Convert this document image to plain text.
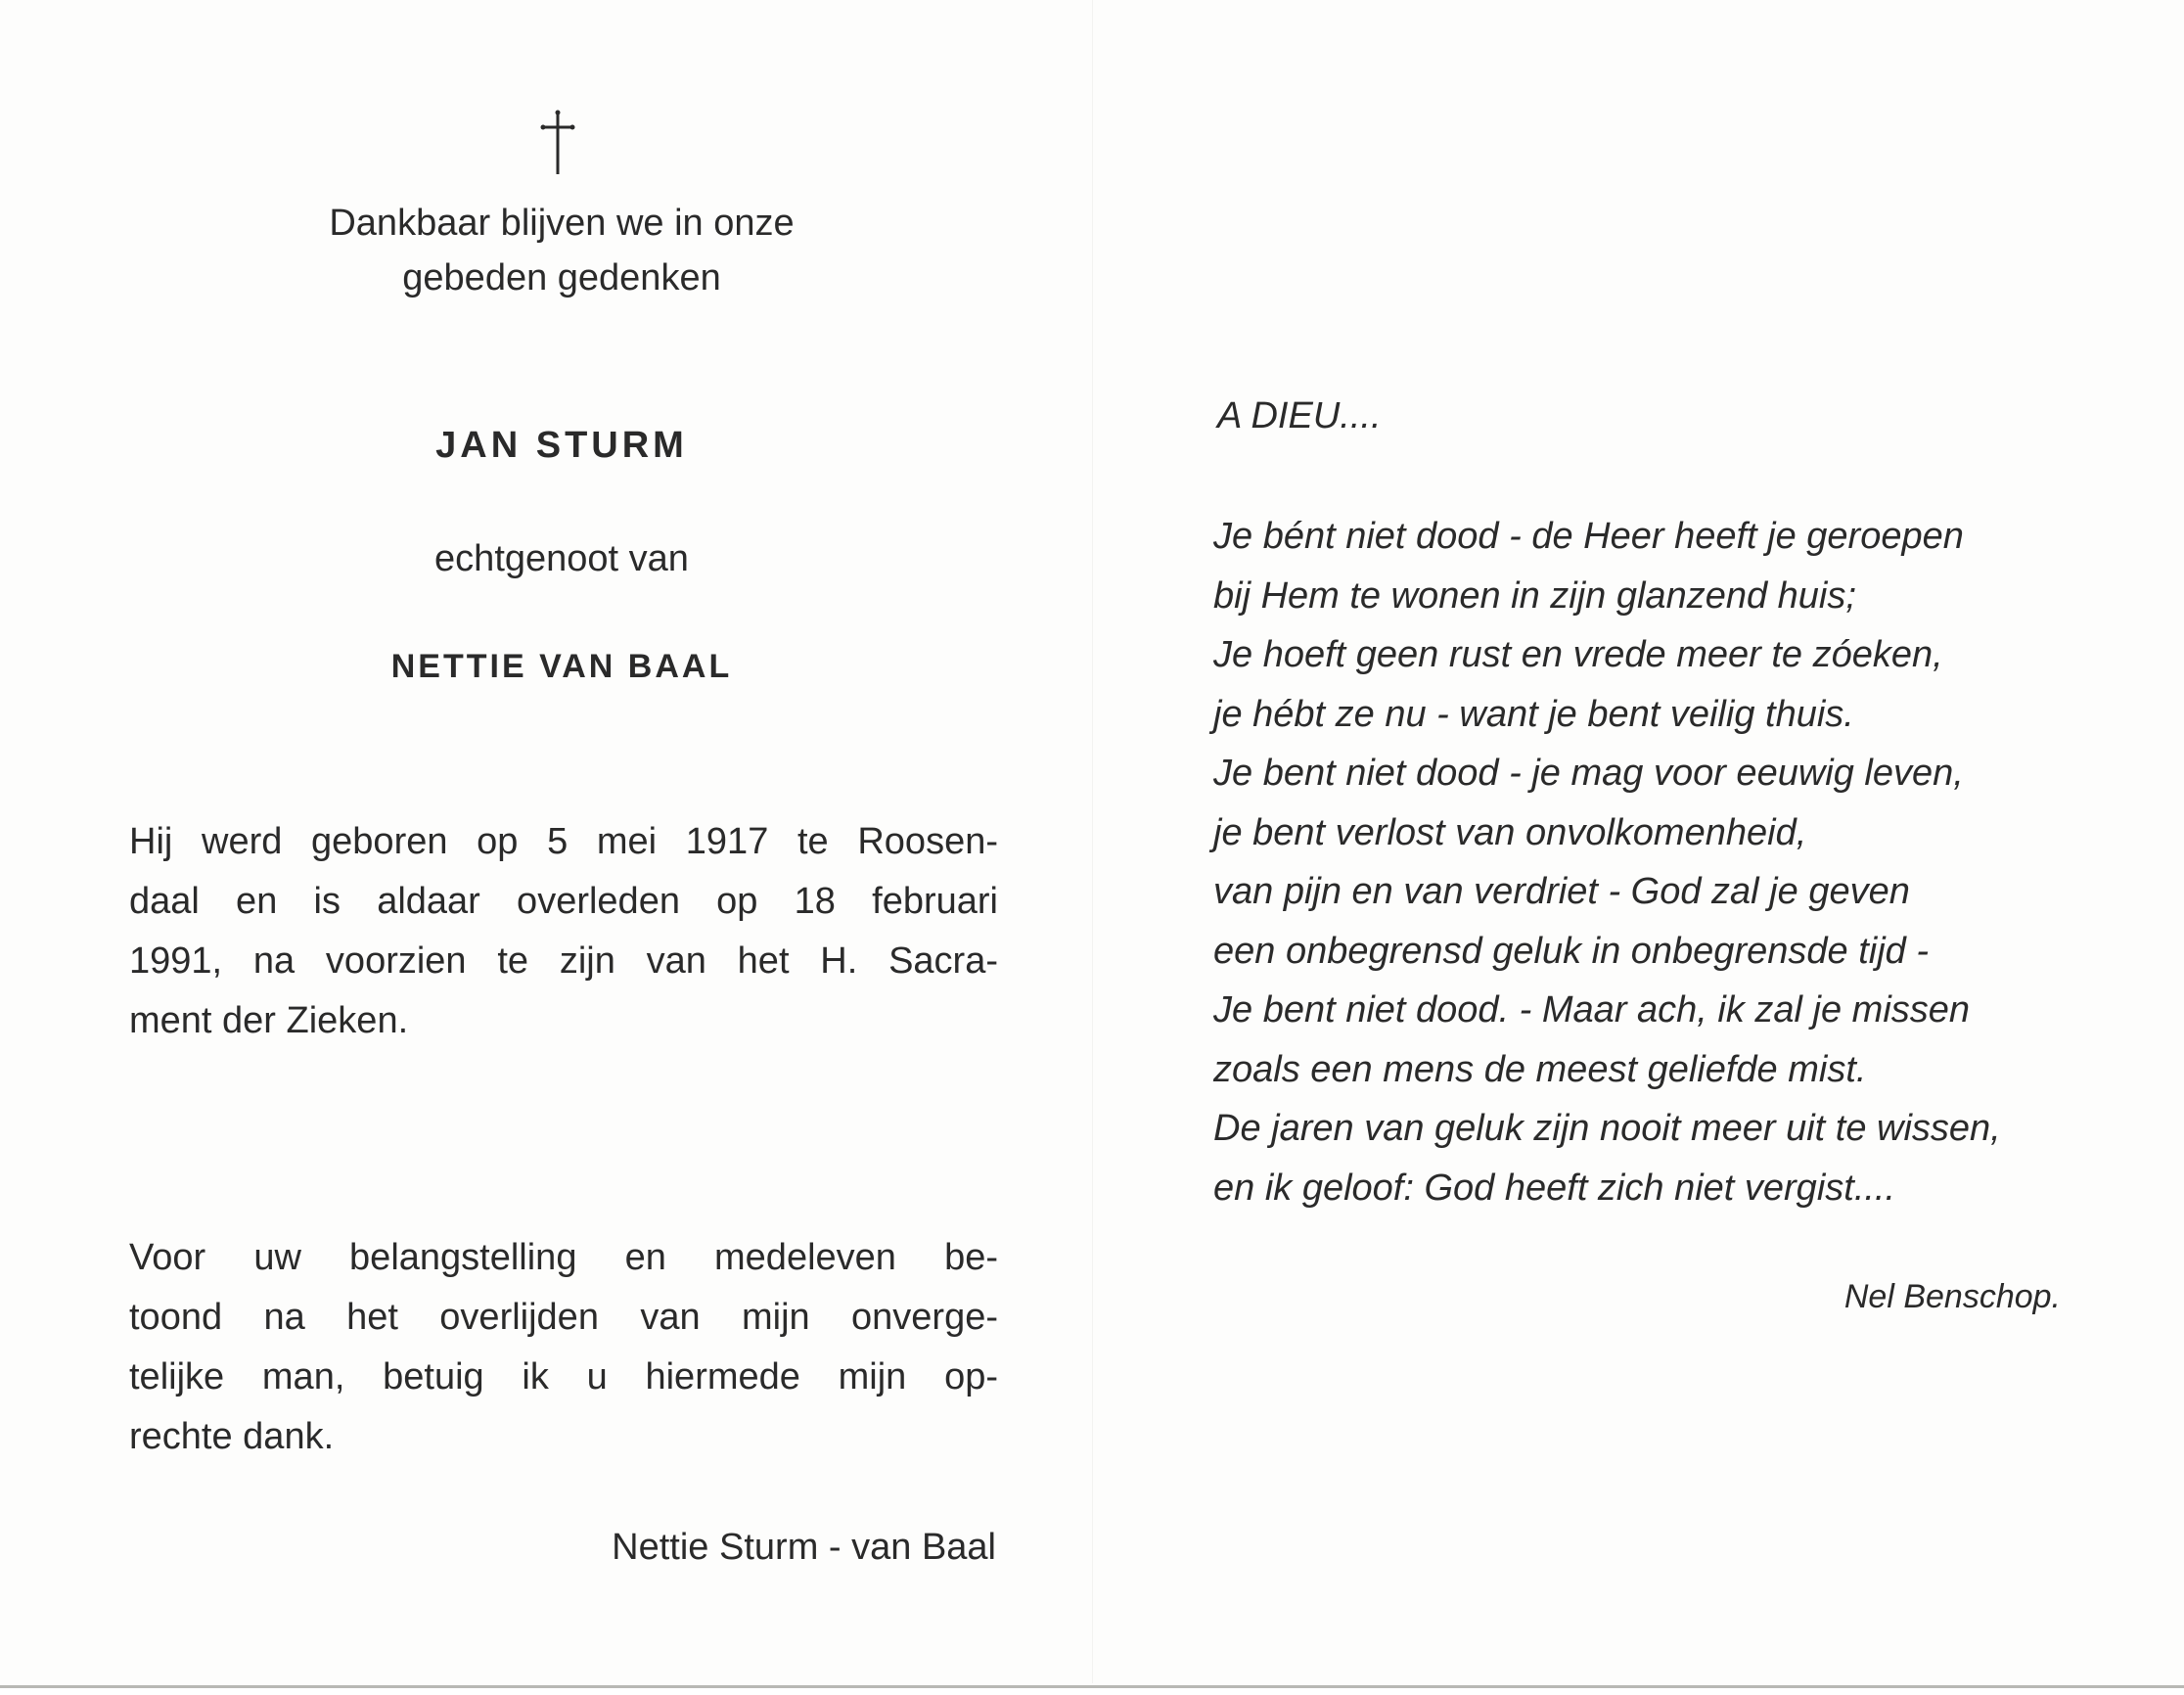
Dankbaar blijven we in onze
gebeden gedenken
JAN STURM
echtgenoot van
NETTIE VAN BAAL
Hij werd geboren op 5 mei 1917 te Roosen-
daal en is aldaar overleden op 18 februari
1991, na voorzien te zijn van het H. Sacra-
ment der Zieken.
Voor uw belangstelling en medeleven be-
toond na het overlijden van mijn onverge-
telijke man, betuig ik u hiermede mijn op-
rechte dank.
Nettie Sturm - van Baal
A DIEU....
Je bént niet dood - de Heer heeft je geroepen
bij Hem te wonen in zijn glanzend huis;
Je hoeft geen rust en vrede meer te zóeken,
je hébt ze nu - want je bent veilig thuis.
Je bent niet dood - je mag voor eeuwig leven,
je bent verlost van onvolkomenheid,
van pijn en van verdriet - God zal je geven
een onbegrensd geluk in onbegrensde tijd -
Je bent niet dood. - Maar ach, ik zal je missen
zoals een mens de meest geliefde mist.
De jaren van geluk zijn nooit meer uit te wissen,
en ik geloof: God heeft zich niet vergist....
Nel Benschop.
